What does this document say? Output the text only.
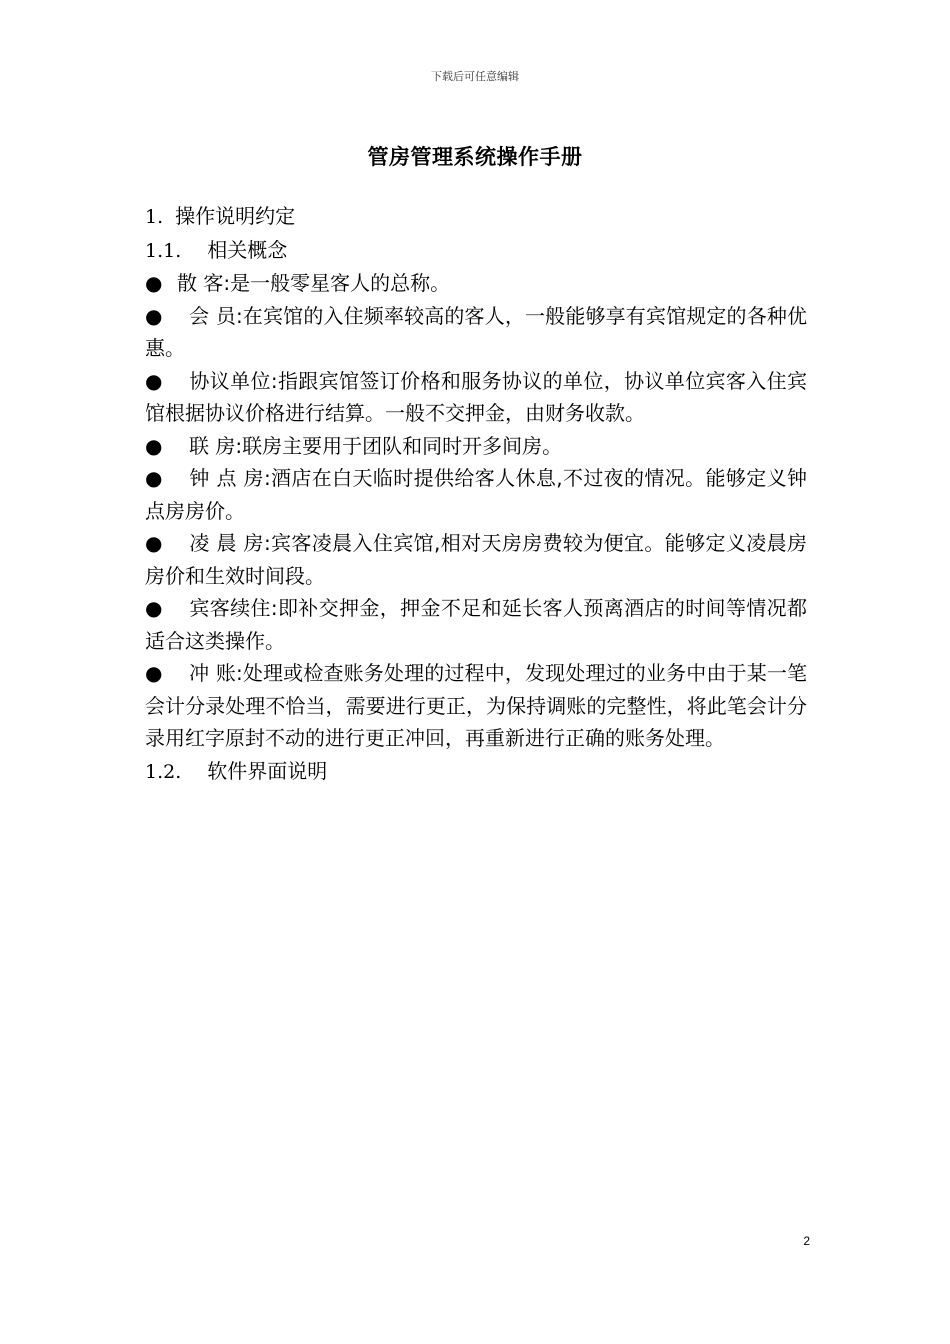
下载后可任意编辑
管房管理系统操作手册

1. 操作说明约定

1.1. 相关概念

● 散 客:是一般零星客人的总称。

● 会 员:在宾馆的入住频率较高的客人，一般能够享有宾馆规定的各种优惠。

● 协议单位:指跟宾馆签订价格和服务协议的单位，协议单位宾客入住宾馆根据协议价格进行结算。一般不交押金，由财务收款。

● 联 房:联房主要用于团队和同时开多间房。

● 钟 点 房:酒店在白天临时提供给客人休息,不过夜的情况。能够定义钟点房房价。

● 凌 晨 房:宾客凌晨入住宾馆,相对天房房费较为便宜。能够定义凌晨房房价和生效时间段。

● 宾客续住:即补交押金，押金不足和延长客人预离酒店的时间等情况都适合这类操作。

● 冲 账:处理或检查账务处理的过程中，发现处理过的业务中由于某一笔会计分录处理不恰当，需要进行更正，为保持调账的完整性，将此笔会计分录用红字原封不动的进行更正冲回，再重新进行正确的账务处理。

1.2. 软件界面说明

2
